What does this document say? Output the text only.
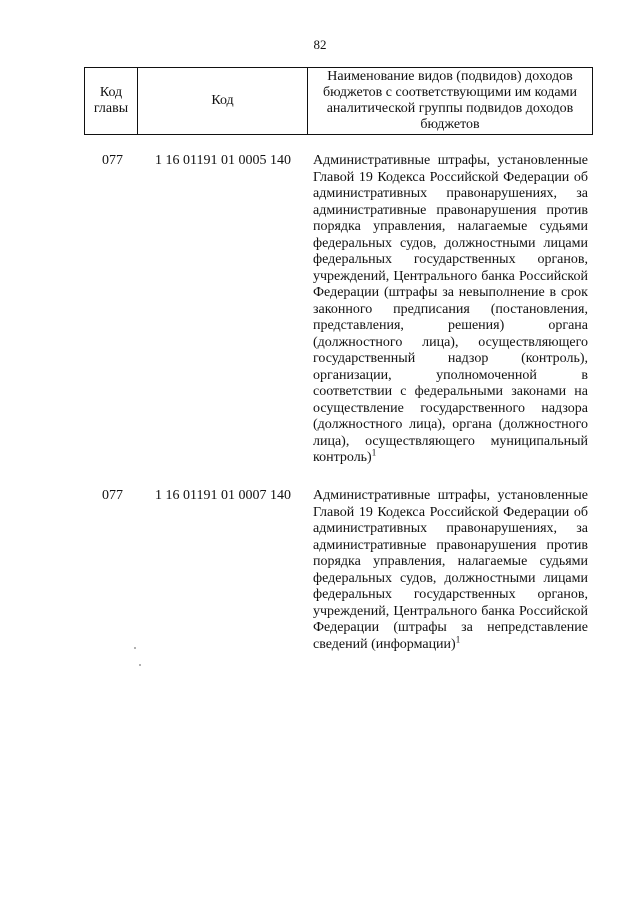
82
Код главы
Код
Наименование видов (подвидов) доходов бюджетов с соответствующими им кодами аналитической группы подвидов доходов бюджетов
077 1 16 01191 01 0005 140 Административные штрафы, установленные Главой 19 Кодекса Российской Федерации об административных правонарушениях, за административные правонарушения против порядка управления, налагаемые судьями федеральных судов, должностными лицами федеральных государственных органов, учреждений, Центрального банка Российской Федерации (штрафы за невыполнение в срок законного предписания (постановления, представления, решения) органа (должностного лица), осуществляющего государственный надзор (контроль), организации, уполномоченной в соответствии с федеральными законами на осуществление государственного надзора (должностного лица), органа (должностного лица), осуществляющего муниципальный контроль)$^1$
077 1 16 01191 01 0007 140 Административные штрафы, установленные Главой 19 Кодекса Российской Федерации об административных правонарушениях, за административные правонарушения против порядка управления, налагаемые судьями федеральных судов, должностными лицами федеральных государственных органов, учреждений, Центрального банка Российской Федерации (штрафы за непредставление сведений (информации)$^1$
